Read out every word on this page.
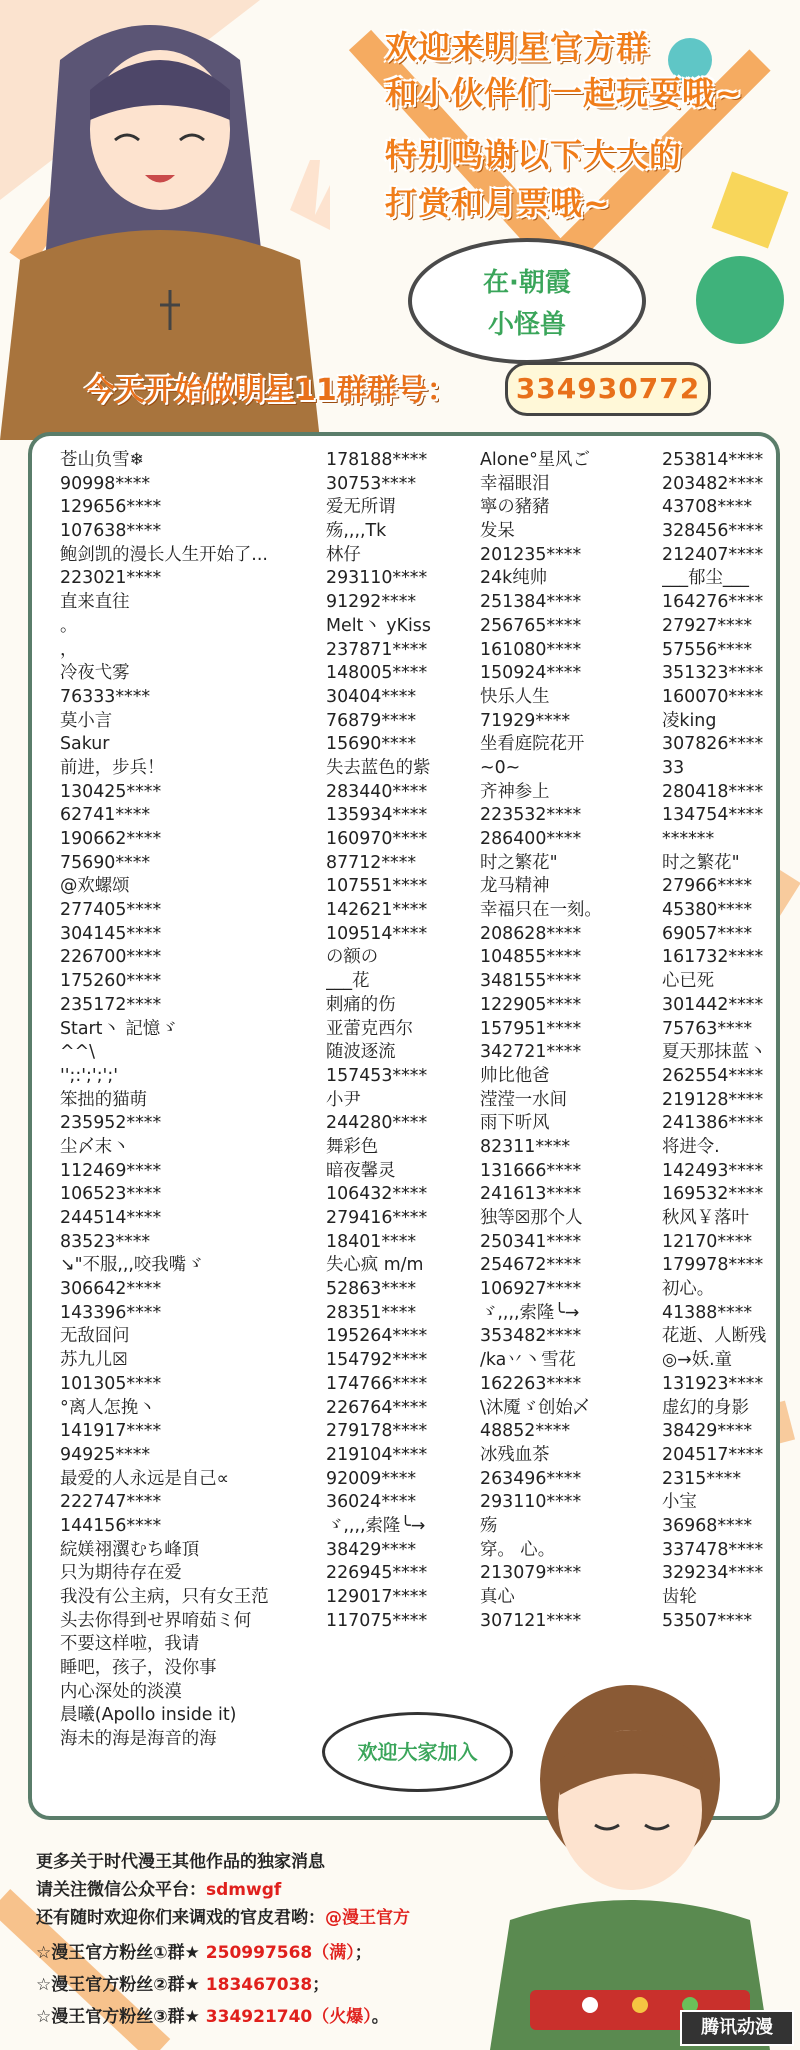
欢迎来明星官方群
和小伙伴们一起玩耍哦~
特别鸣谢以下大大的
打赏和月票哦~
在·朝霞
小怪兽
今天开始做明星11群群号：	334930772
苍山负雪❄
90998****
129656****
107638****
鲍剑凯的漫长人生开始了...
223021****
直来直往
。
，
冷夜弋雾
76333****
莫小言
Sakur
前进，步兵！
130425****
62741****
190662****
75690****
@欢螺颂
277405****
304145****
226700****
175260****
235172****
Start丶 記憶ゞ
^^\
'';:';';';'
笨拙的猫萌
235952****
尘〆末丶
112469****
106523****
244514****
83523****
↘"不服,,,咬我嘴ゞ
306642****
143396****
无敌囧问
苏九儿☒
101305****
°离人怎挽丶
141917****
94925****
最爱的人永远是自己∝
222747****
144156****
綄媄祤瀷むち峰頂
只为期待存在爱
我没有公主病，只有女王范
头去你得到せ界唷茹ミ何
不要这样啦，我请
睡吧，孩子，没你事
内心深处的淡漠
晨曦(Apollo inside it)
海未的海是海音的海
178188****
30753****
爱无所谓
殇,,,,Tk
林仔
293110****
91292****
Melt丶 yKiss
237871****
148005****
30404****
76879****
15690****
失去蓝色的紫
283440****
135934****
160970****
87712****
107551****
142621****
109514****
の额の
___花
刺痛的伤
亚蕾克西尔
随波逐流
157453****
小尹
244280****
舞彩色
暗夜馨灵
106432****
279416****
18401****
失心疯 m/m
52863****
28351****
195264****
154792****
174766****
226764****
279178****
219104****
92009****
36024****
ゞ,,,,索隆╰→
38429****
226945****
129017****
117075****
Alone°星风ご
幸福眼泪
寧の豬豬
发呆
201235****
24k纯帅
251384****
256765****
161080****
150924****
快乐人生
71929****
坐看庭院花开
~0~
齐神参上
223532****
286400****
时之繁花"
龙马精神
幸福只在一刻。
208628****
104855****
348155****
122905****
157951****
342721****
帅比他爸
滢滢一水间
雨下听风
82311****
131666****
241613****
独等☒那个人
250341****
254672****
106927****
ゞ,,,,索隆╰→
353482****
/ka丷丶雪花
162263****
\沐魇ゞ创始乄
48852****
冰残血茶
263496****
293110****
殇
穿。 心。
213079****
真心
307121****
253814****
203482****
43708****
328456****
212407****
___郁尘___
164276****
27927****
57556****
351323****
160070****
凌king
307826****
33
280418****
134754****
******
时之繁花"
27966****
45380****
69057****
161732****
心已死
301442****
75763****
夏天那抹蓝丶
262554****
219128****
241386****
将进令.
142493****
169532****
秋风￥落叶
12170****
179978****
初心。
41388****
花逝、人断残
◎→妖.童
131923****
虚幻的身影
38429****
204517****
2315****
小宝
36968****
337478****
329234****
齿轮
53507****
欢迎大家加入
更多关于时代漫王其他作品的独家消息
请关注微信公众平台：sdmwgf
还有随时欢迎你们来调戏的官皮君哟：@漫王官方
☆漫王官方粉丝①群★ 250997568（满）；
☆漫王官方粉丝②群★ 183467038；
☆漫王官方粉丝③群★ 334921740（火爆）。	腾讯动漫
